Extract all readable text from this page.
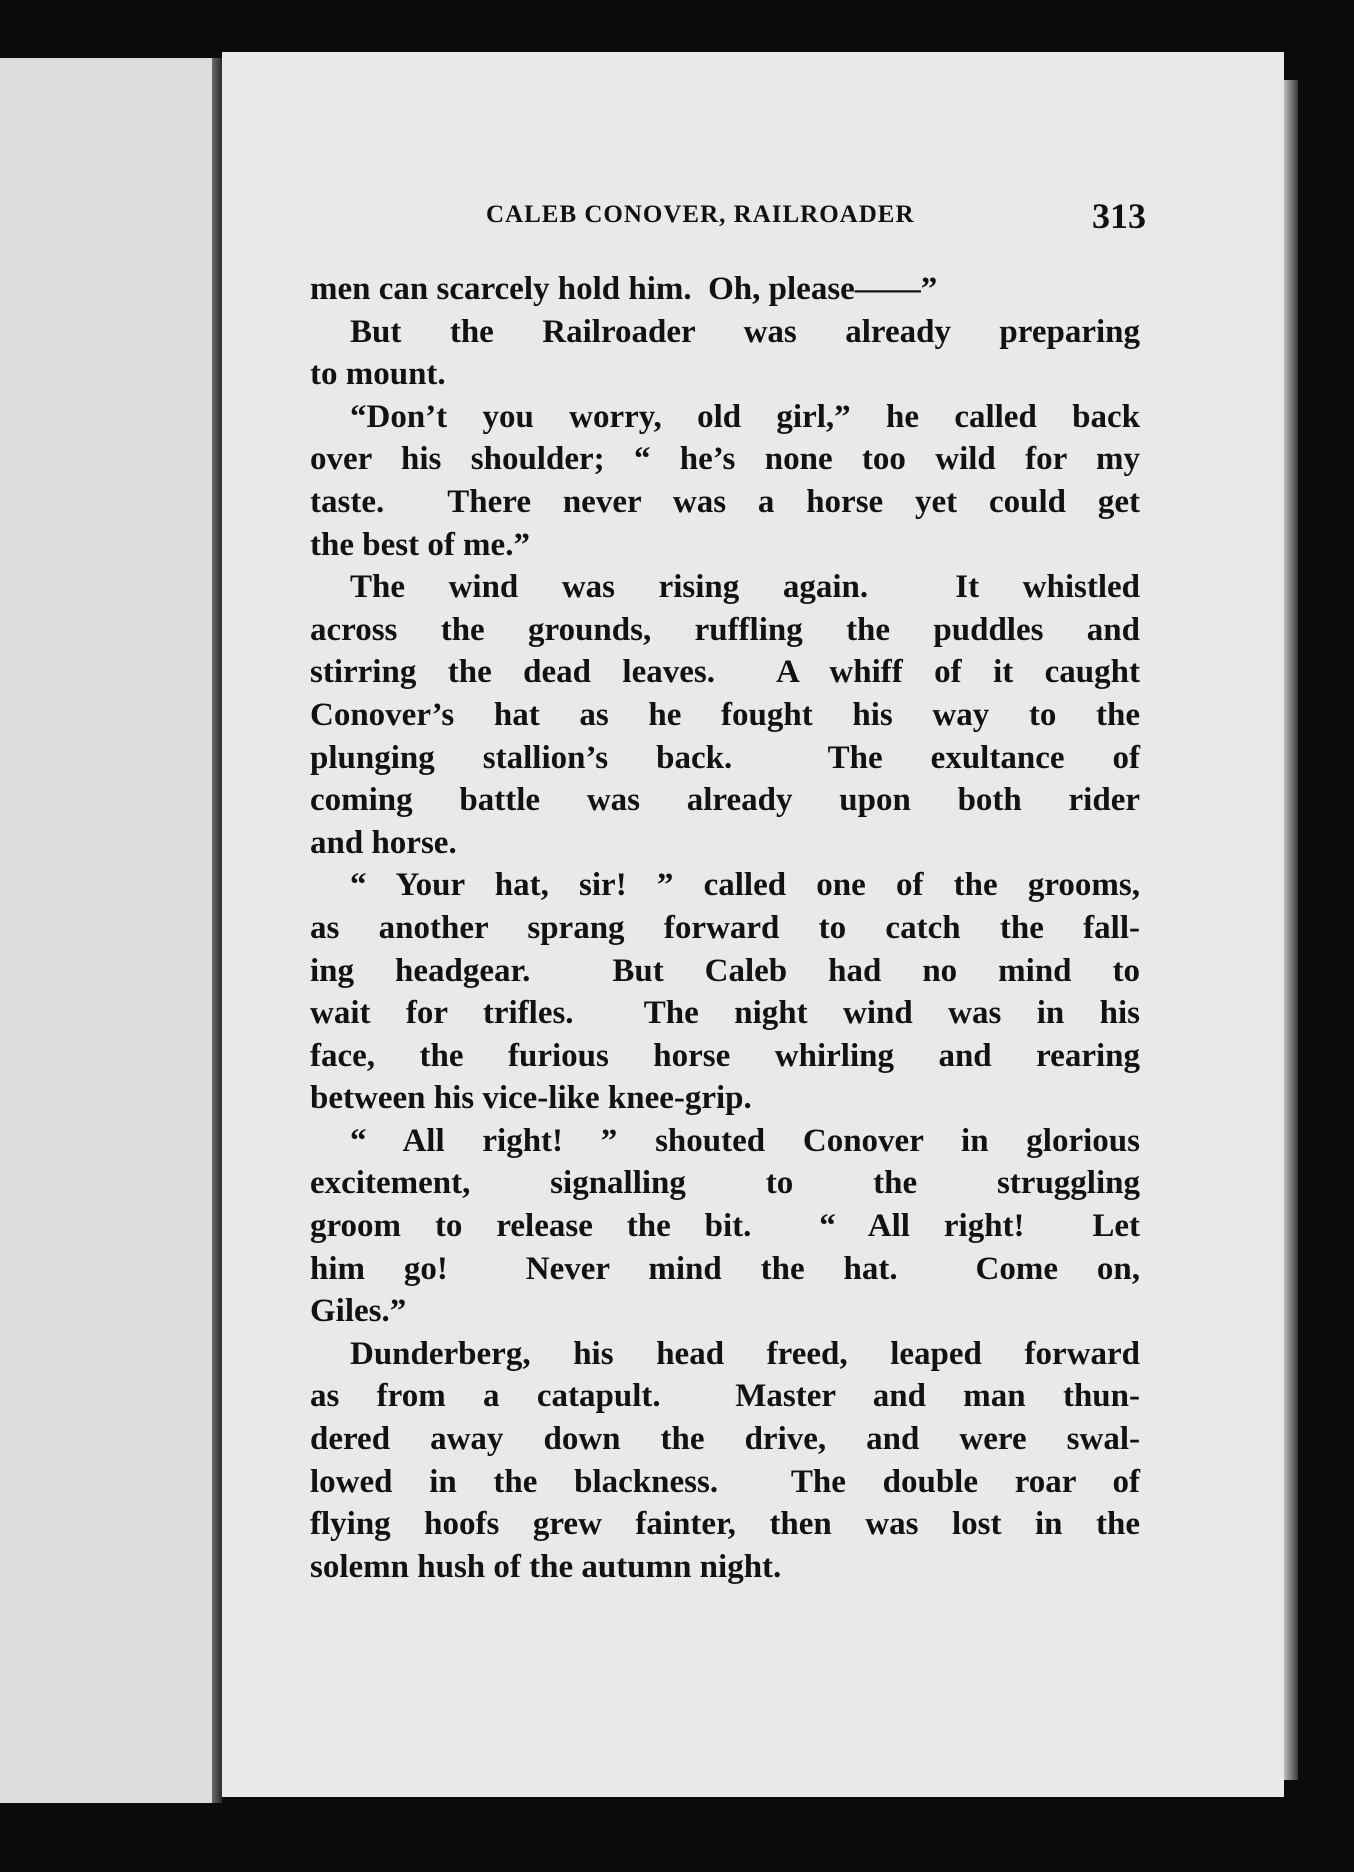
CALEB CONOVER, RAILROADER	313
men can scarcely hold him.  Oh, please——”
But the Railroader was already preparing
to mount.
“Don’t you worry, old girl,” he called back
over his shoulder; “ he’s none too wild for my
taste.  There never was a horse yet could get
the best of me.”
The wind was rising again.  It whistled
across the grounds, ruffling the puddles and
stirring the dead leaves.  A whiff of it caught
Conover’s hat as he fought his way to the
plunging stallion’s back.  The exultance of
coming battle was already upon both rider
and horse.
“ Your hat, sir! ” called one of the grooms,
as another sprang forward to catch the fall-
ing headgear.  But Caleb had no mind to
wait for trifles.  The night wind was in his
face, the furious horse whirling and rearing
between his vice-like knee-grip.
“ All right! ” shouted Conover in glorious
excitement, signalling to the struggling
groom to release the bit.  “ All right!  Let
him go!  Never mind the hat.  Come on,
Giles.”
Dunderberg, his head freed, leaped forward
as from a catapult.  Master and man thun-
dered away down the drive, and were swal-
lowed in the blackness.  The double roar of
flying hoofs grew fainter, then was lost in the
solemn hush of the autumn night.
